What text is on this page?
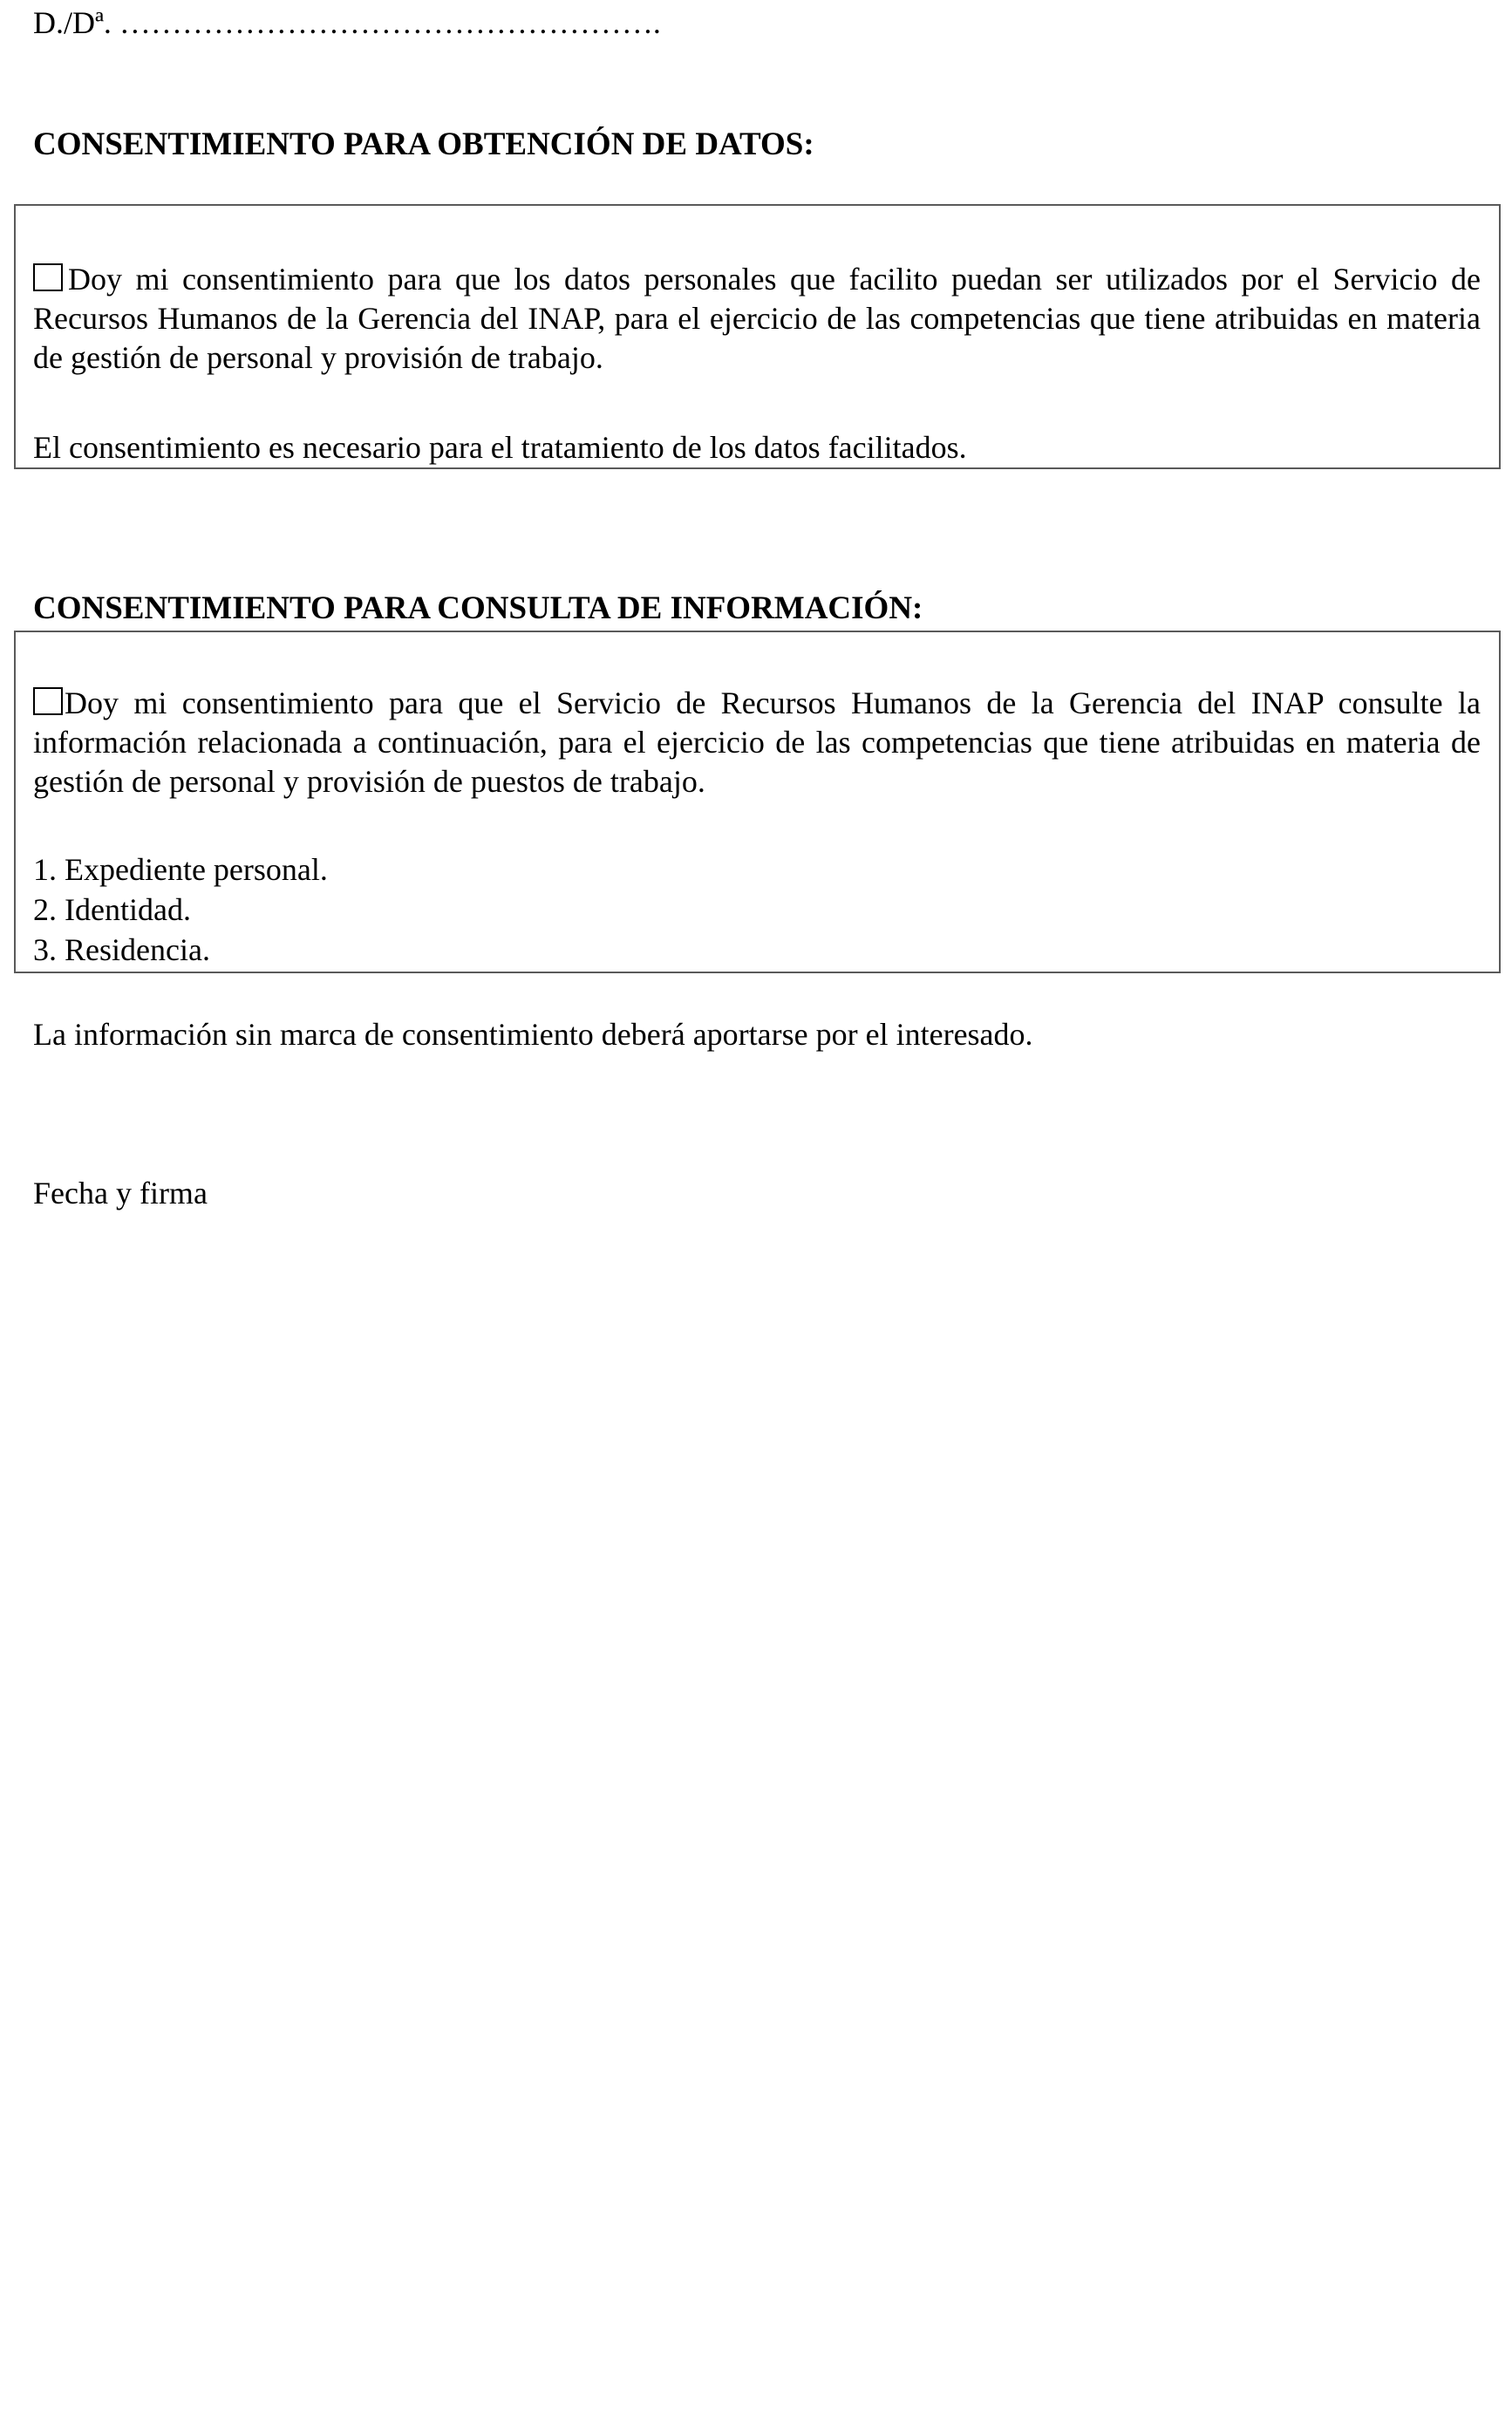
D./Dª. …………………………………………….
CONSENTIMIENTO PARA OBTENCIÓN DE DATOS:
Doy mi consentimiento para que los datos personales que facilito puedan ser utilizados por el Servicio de Recursos Humanos de la Gerencia del INAP, para el ejercicio de las competencias que tiene atribuidas en materia de gestión de personal y provisión de trabajo.
El consentimiento es necesario para el tratamiento de los datos facilitados.
CONSENTIMIENTO PARA CONSULTA DE INFORMACIÓN:
Doy mi consentimiento para que el Servicio de Recursos Humanos de la Gerencia del INAP consulte la información relacionada a continuación, para el ejercicio de las competencias que tiene atribuidas en materia de gestión de personal y provisión de puestos de trabajo.
1. Expediente personal.
2. Identidad.
3. Residencia.
La información sin marca de consentimiento deberá aportarse por el interesado.
Fecha y firma
